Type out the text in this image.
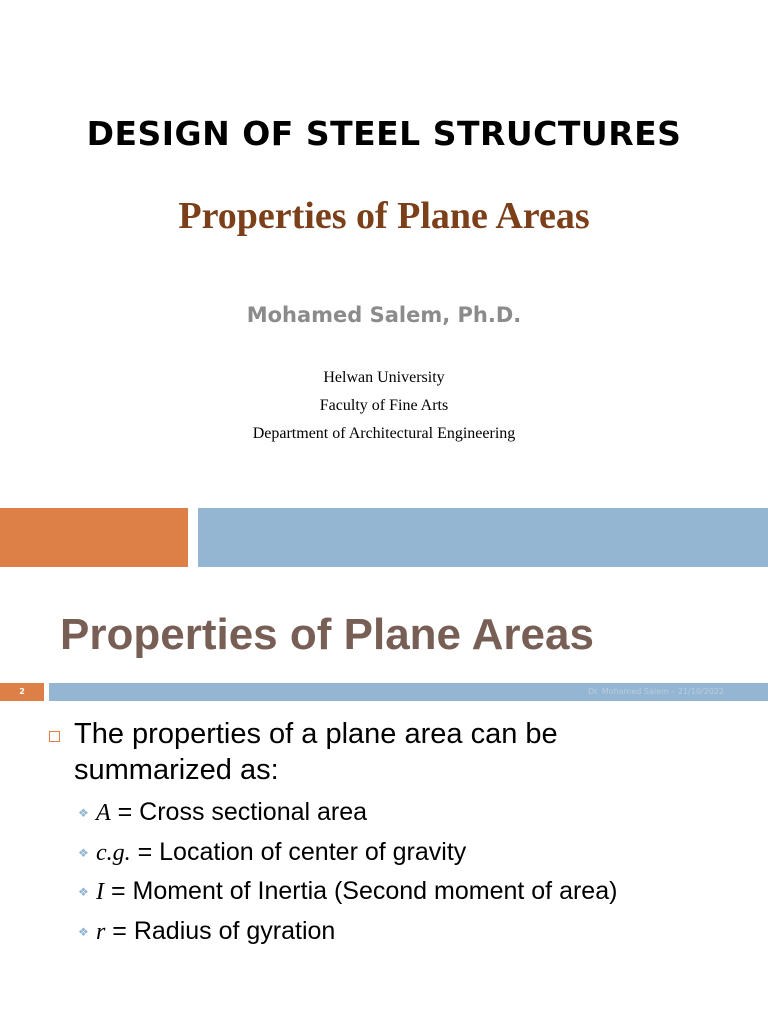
DESIGN OF STEEL STRUCTURES
Properties of Plane Areas
Mohamed Salem, Ph.D.
Helwan University
Faculty of Fine Arts
Department of Architectural Engineering
Properties of Plane Areas
2	Dr. Mohamed Salem – 21/10/2022
The properties of a plane area can be summarized as:
❖ A = Cross sectional area
❖ c.g. = Location of center of gravity
❖ I = Moment of Inertia (Second moment of area)
❖ r = Radius of gyration
